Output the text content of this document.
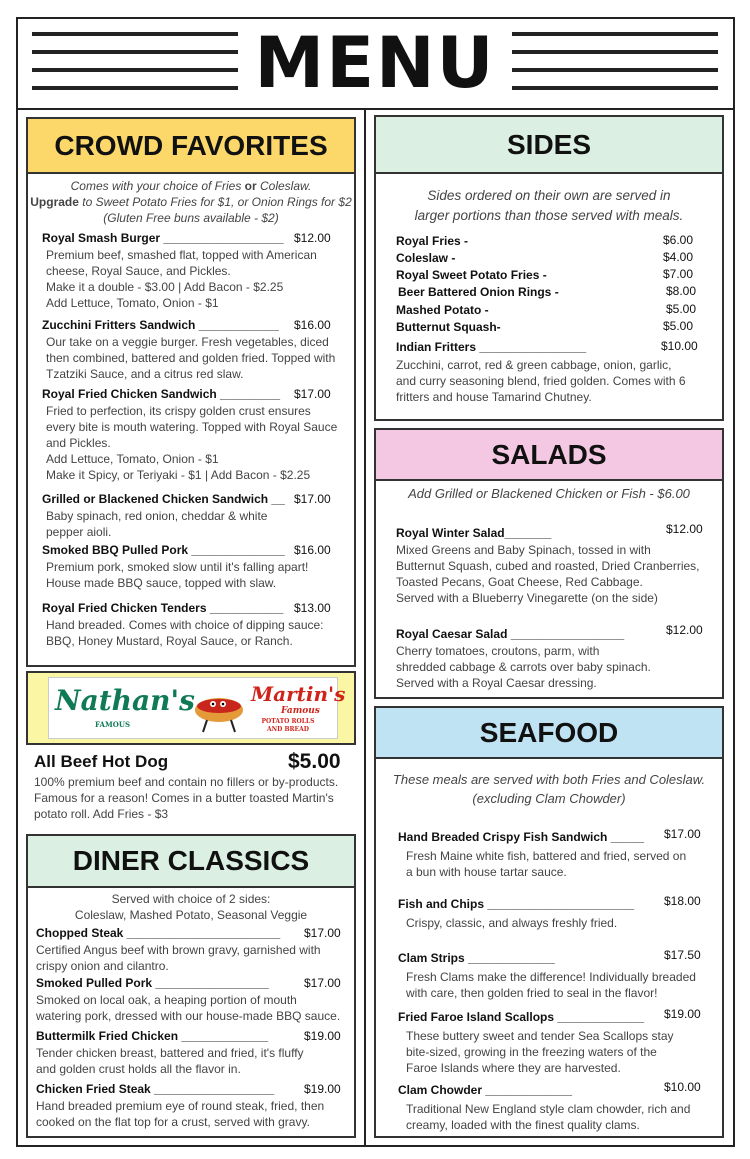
MENU
CROWD FAVORITES
Comes with your choice of Fries or Coleslaw.
Upgrade to Sweet Potato Fries for $1, or Onion Rings for $2
(Gluten Free buns available - $2)
Royal Smash Burger __________________ $12.00
Premium beef, smashed flat, topped with American
cheese, Royal Sauce, and Pickles.
Make it a double - $3.00 | Add Bacon - $2.25
Add Lettuce, Tomato, Onion - $1
Zucchini Fritters Sandwich ____________ $16.00
Our take on a veggie burger. Fresh vegetables, diced
then combined, battered and golden fried. Topped with
Tzatziki Sauce, and a citrus red slaw.
Royal Fried Chicken Sandwich _________ $17.00
Fried to perfection, its crispy golden crust ensures
every bite is mouth watering. Topped with Royal Sauce
and Pickles.
Add Lettuce, Tomato, Onion - $1
Make it Spicy, or Teriyaki - $1 | Add Bacon - $2.25
Grilled or Blackened Chicken Sandwich __ $17.00
Baby spinach, red onion, cheddar & white
pepper aioli.
Smoked BBQ Pulled Pork ______________ $16.00
Premium pork, smoked slow until it's falling apart!
House made BBQ sauce, topped with slaw.
Royal Fried Chicken Tenders ___________ $13.00
Hand breaded. Comes with choice of dipping sauce:
BBQ, Honey Mustard, Royal Sauce, or Ranch.
Nathan's
FAMOUS
Martin's
Famous
POTATO ROLLS AND BREAD
All Beef Hot Dog	$5.00
100% premium beef and contain no fillers or by-products.
Famous for a reason! Comes in a butter toasted Martin's
potato roll. Add Fries - $3
DINER CLASSICS
Served with choice of 2 sides:
Coleslaw, Mashed Potato, Seasonal Veggie
Chopped Steak _______________________ $17.00
Certified Angus beef with brown gravy, garnished with
crispy onion and cilantro.
Smoked Pulled Pork _________________	$17.00
Smoked on local oak, a heaping portion of mouth
watering pork, dressed with our house-made BBQ sauce.
Buttermilk Fried Chicken _____________	$19.00
Tender chicken breast, battered and fried, it's fluffy
and golden crust holds all the flavor in.
Chicken Fried Steak __________________ $19.00
Hand breaded premium eye of round steak, fried, then
cooked on the flat top for a crust, served with gravy.
SIDES
Sides ordered on their own are served in
larger portions than those served with meals.
Royal Fries -	$6.00
Coleslaw -	$4.00
Royal Sweet Potato Fries -	$7.00
Beer Battered Onion Rings -	$8.00
Mashed Potato -	$5.00
Butternut Squash-	$5.00
Indian Fritters ________________	$10.00
Zucchini, carrot, red & green cabbage, onion, garlic,
and curry seasoning blend, fried golden. Comes with 6
fritters and house Tamarind Chutney.
SALADS
Add Grilled or Blackened Chicken or Fish - $6.00
Royal Winter Salad_______	$12.00
Mixed Greens and Baby Spinach, tossed in with
Butternut Squash, cubed and roasted, Dried Cranberries,
Toasted Pecans, Goat Cheese, Red Cabbage.
Served with a Blueberry Vinegarette (on the side)
Royal Caesar Salad _________________	$12.00
Cherry tomatoes, croutons, parm, with
shredded cabbage & carrots over baby spinach.
Served with a Royal Caesar dressing.
SEAFOOD
These meals are served with both Fries and Coleslaw.
(excluding Clam Chowder)
Hand Breaded Crispy Fish Sandwich _____ $17.00
Fresh Maine white fish, battered and fried, served on
a bun with house tartar sauce.
Fish and Chips ______________________ $18.00
Crispy, classic, and always freshly fried.
Clam Strips _____________	$17.50
Fresh Clams make the difference! Individually breaded
with care, then golden fried to seal in the flavor!
Fried Faroe Island Scallops _____________ $19.00
These buttery sweet and tender Sea Scallops stay
bite-sized, growing in the freezing waters of the
Faroe Islands where they are harvested.
Clam Chowder _____________	$10.00
Traditional New England style clam chowder, rich and
creamy, loaded with the finest quality clams.
